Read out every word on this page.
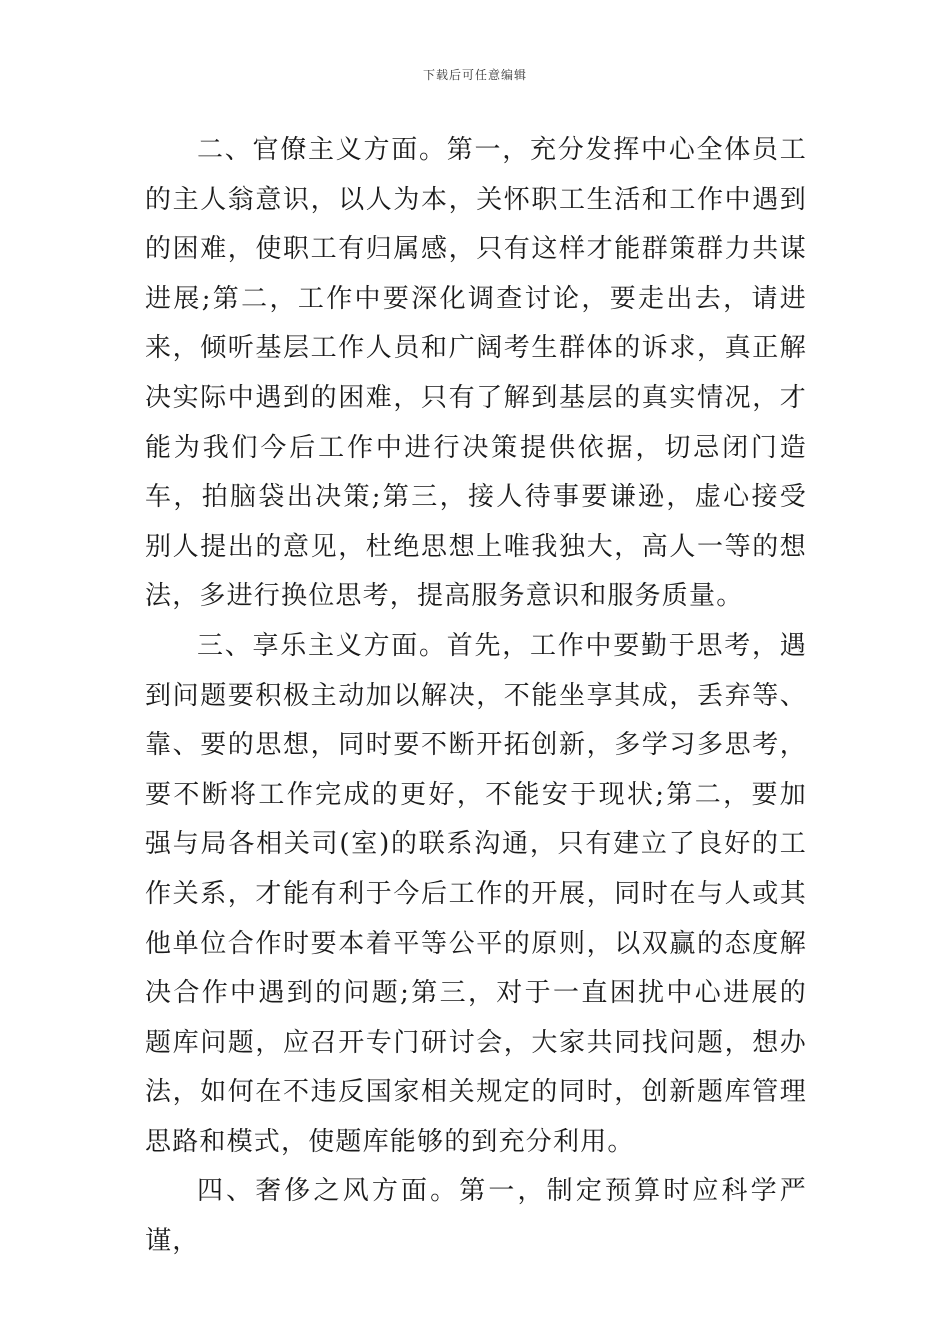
下载后可任意编辑

二、官僚主义方面。第一，充分发挥中心全体员工的主人翁意识，以人为本，关怀职工生活和工作中遇到的困难，使职工有归属感，只有这样才能群策群力共谋进展;第二，工作中要深化调查讨论，要走出去，请进来，倾听基层工作人员和广阔考生群体的诉求，真正解决实际中遇到的困难，只有了解到基层的真实情况，才能为我们今后工作中进行决策提供依据，切忌闭门造车，拍脑袋出决策;第三，接人待事要谦逊，虚心接受别人提出的意见，杜绝思想上唯我独大，高人一等的想法，多进行换位思考，提高服务意识和服务质量。

三、享乐主义方面。首先，工作中要勤于思考，遇到问题要积极主动加以解决，不能坐享其成，丢弃等、靠、要的思想，同时要不断开拓创新，多学习多思考，要不断将工作完成的更好，不能安于现状;第二，要加强与局各相关司(室)的联系沟通，只有建立了良好的工作关系，才能有利于今后工作的开展，同时在与人或其他单位合作时要本着平等公平的原则，以双赢的态度解决合作中遇到的问题;第三，对于一直困扰中心进展的题库问题，应召开专门研讨会，大家共同找问题，想办法，如何在不违反国家相关规定的同时，创新题库管理思路和模式，使题库能够的到充分利用。

四、奢侈之风方面。第一，制定预算时应科学严谨，
